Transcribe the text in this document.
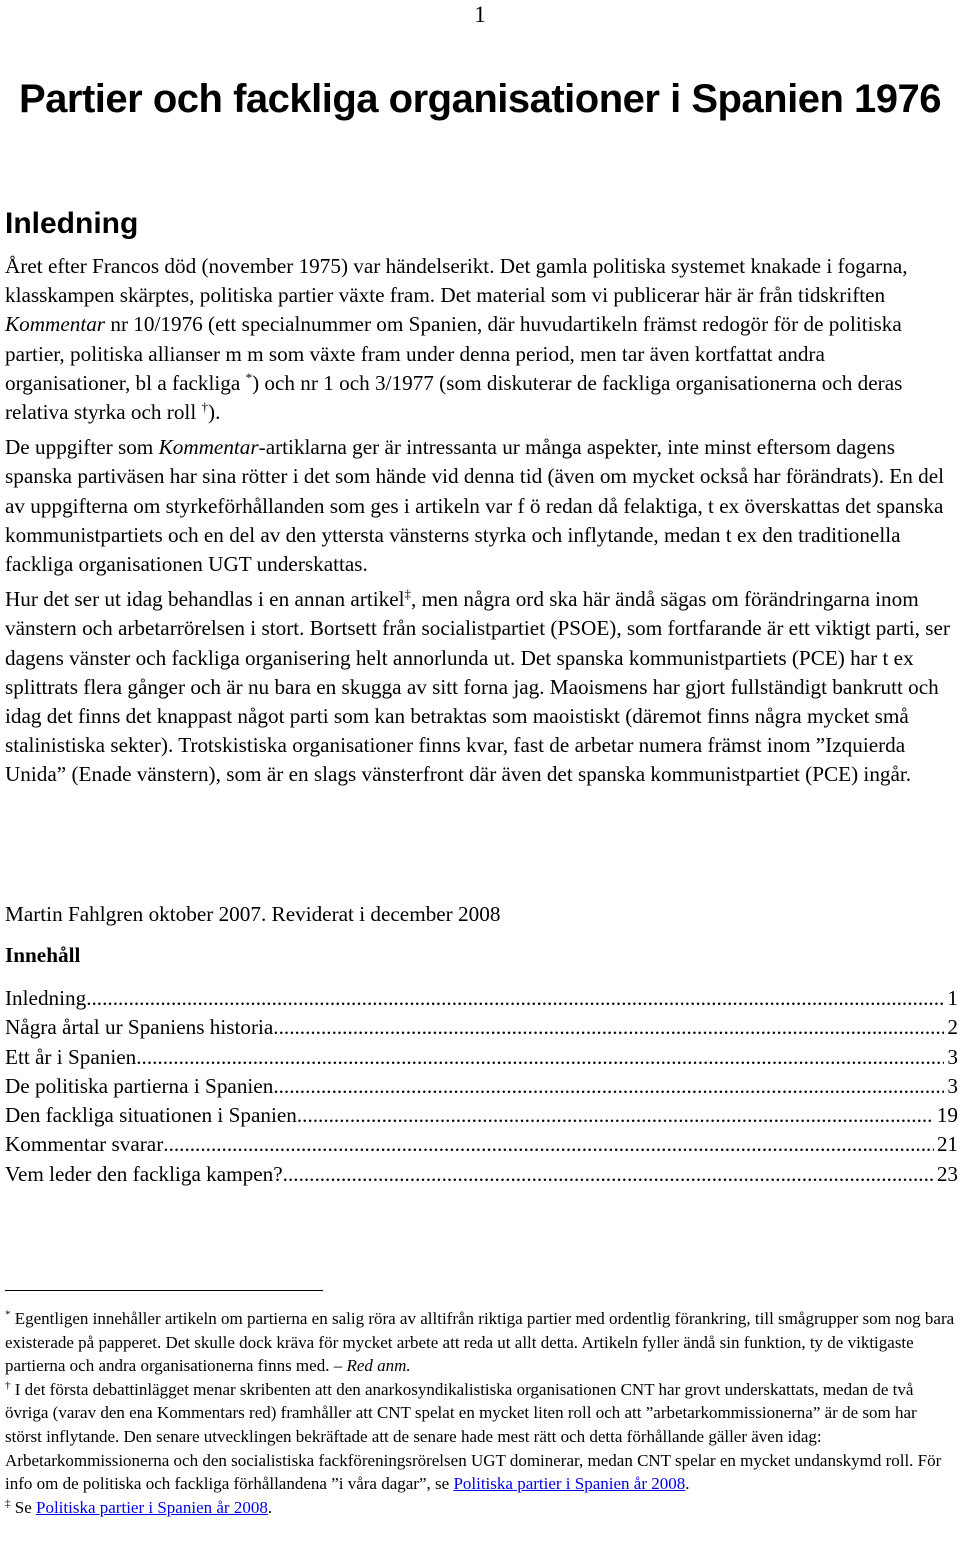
1
Partier och fackliga organisationer i Spanien 1976
Inledning

Året efter Francos död (november 1975) var händelserikt. Det gamla politiska systemet knakade i fogarna, klasskampen skärptes, politiska partier växte fram. Det material som vi publicerar här är från tidskriften Kommentar nr 10/1976 (ett specialnummer om Spanien, där huvudartikeln främst redogör för de politiska partier, politiska allianser m m som växte fram under denna period, men tar även kortfattat andra organisationer, bl a fackliga *) och nr 1 och 3/1977 (som diskuterar de fackliga organisationerna och deras relativa styrka och roll †).

De uppgifter som Kommentar-artiklarna ger är intressanta ur många aspekter, inte minst eftersom dagens spanska partiväsen har sina rötter i det som hände vid denna tid (även om mycket också har förändrats). En del av uppgifterna om styrkeförhållanden som ges i artikeln var f ö redan då felaktiga, t ex överskattas det spanska kommunistpartiets och en del av den yttersta vänsterns styrka och inflytande, medan t ex den traditionella fackliga organisationen UGT underskattas.

Hur det ser ut idag behandlas i en annan artikel‡, men några ord ska här ändå sägas om förändringarna inom vänstern och arbetarrörelsen i stort. Bortsett från socialistpartiet (PSOE), som fortfarande är ett viktigt parti, ser dagens vänster och fackliga organisering helt annorlunda ut. Det spanska kommunistpartiets (PCE) har t ex splittrats flera gånger och är nu bara en skugga av sitt forna jag. Maoismens har gjort fullständigt bankrutt och idag det finns det knappast något parti som kan betraktas som maoistiskt (däremot finns några mycket små stalinistiska sekter). Trotskistiska organisationer finns kvar, fast de arbetar numera främst inom ”Izquierda Unida” (Enade vänstern), som är en slags vänsterfront där även det spanska kommunistpartiet (PCE) ingår.

Martin Fahlgren oktober 2007. Reviderat i december 2008

Innehåll
Inledning .....	1
Några årtal ur Spaniens historia .....	2
Ett år i Spanien .....	3
De politiska partierna i Spanien .....	3
Den fackliga situationen i Spanien .....	19
Kommentar svarar .....	21
Vem leder den fackliga kampen? .....	23

* Egentligen innehåller artikeln om partierna en salig röra av alltifrån riktiga partier med ordentlig förankring, till smågrupper som nog bara existerade på papperet. Det skulle dock kräva för mycket arbete att reda ut allt detta. Artikeln fyller ändå sin funktion, ty de viktigaste partierna och andra organisationerna finns med. – Red anm.

† I det första debattinlägget menar skribenten att den anarkosyndikalistiska organisationen CNT har grovt underskattats, medan de två övriga (varav den ena Kommentars red) framhåller att CNT spelat en mycket liten roll och att ”arbetarkommissionerna” är de som har störst inflytande. Den senare utvecklingen bekräftade att de senare hade mest rätt och detta förhållande gäller även idag: Arbetarkommissionerna och den socialistiska fackföreningsrörelsen UGT dominerar, medan CNT spelar en mycket undanskymd roll. För info om de politiska och fackliga förhållandena ”i våra dagar”, se Politiska partier i Spanien år 2008.

‡ Se Politiska partier i Spanien år 2008.
